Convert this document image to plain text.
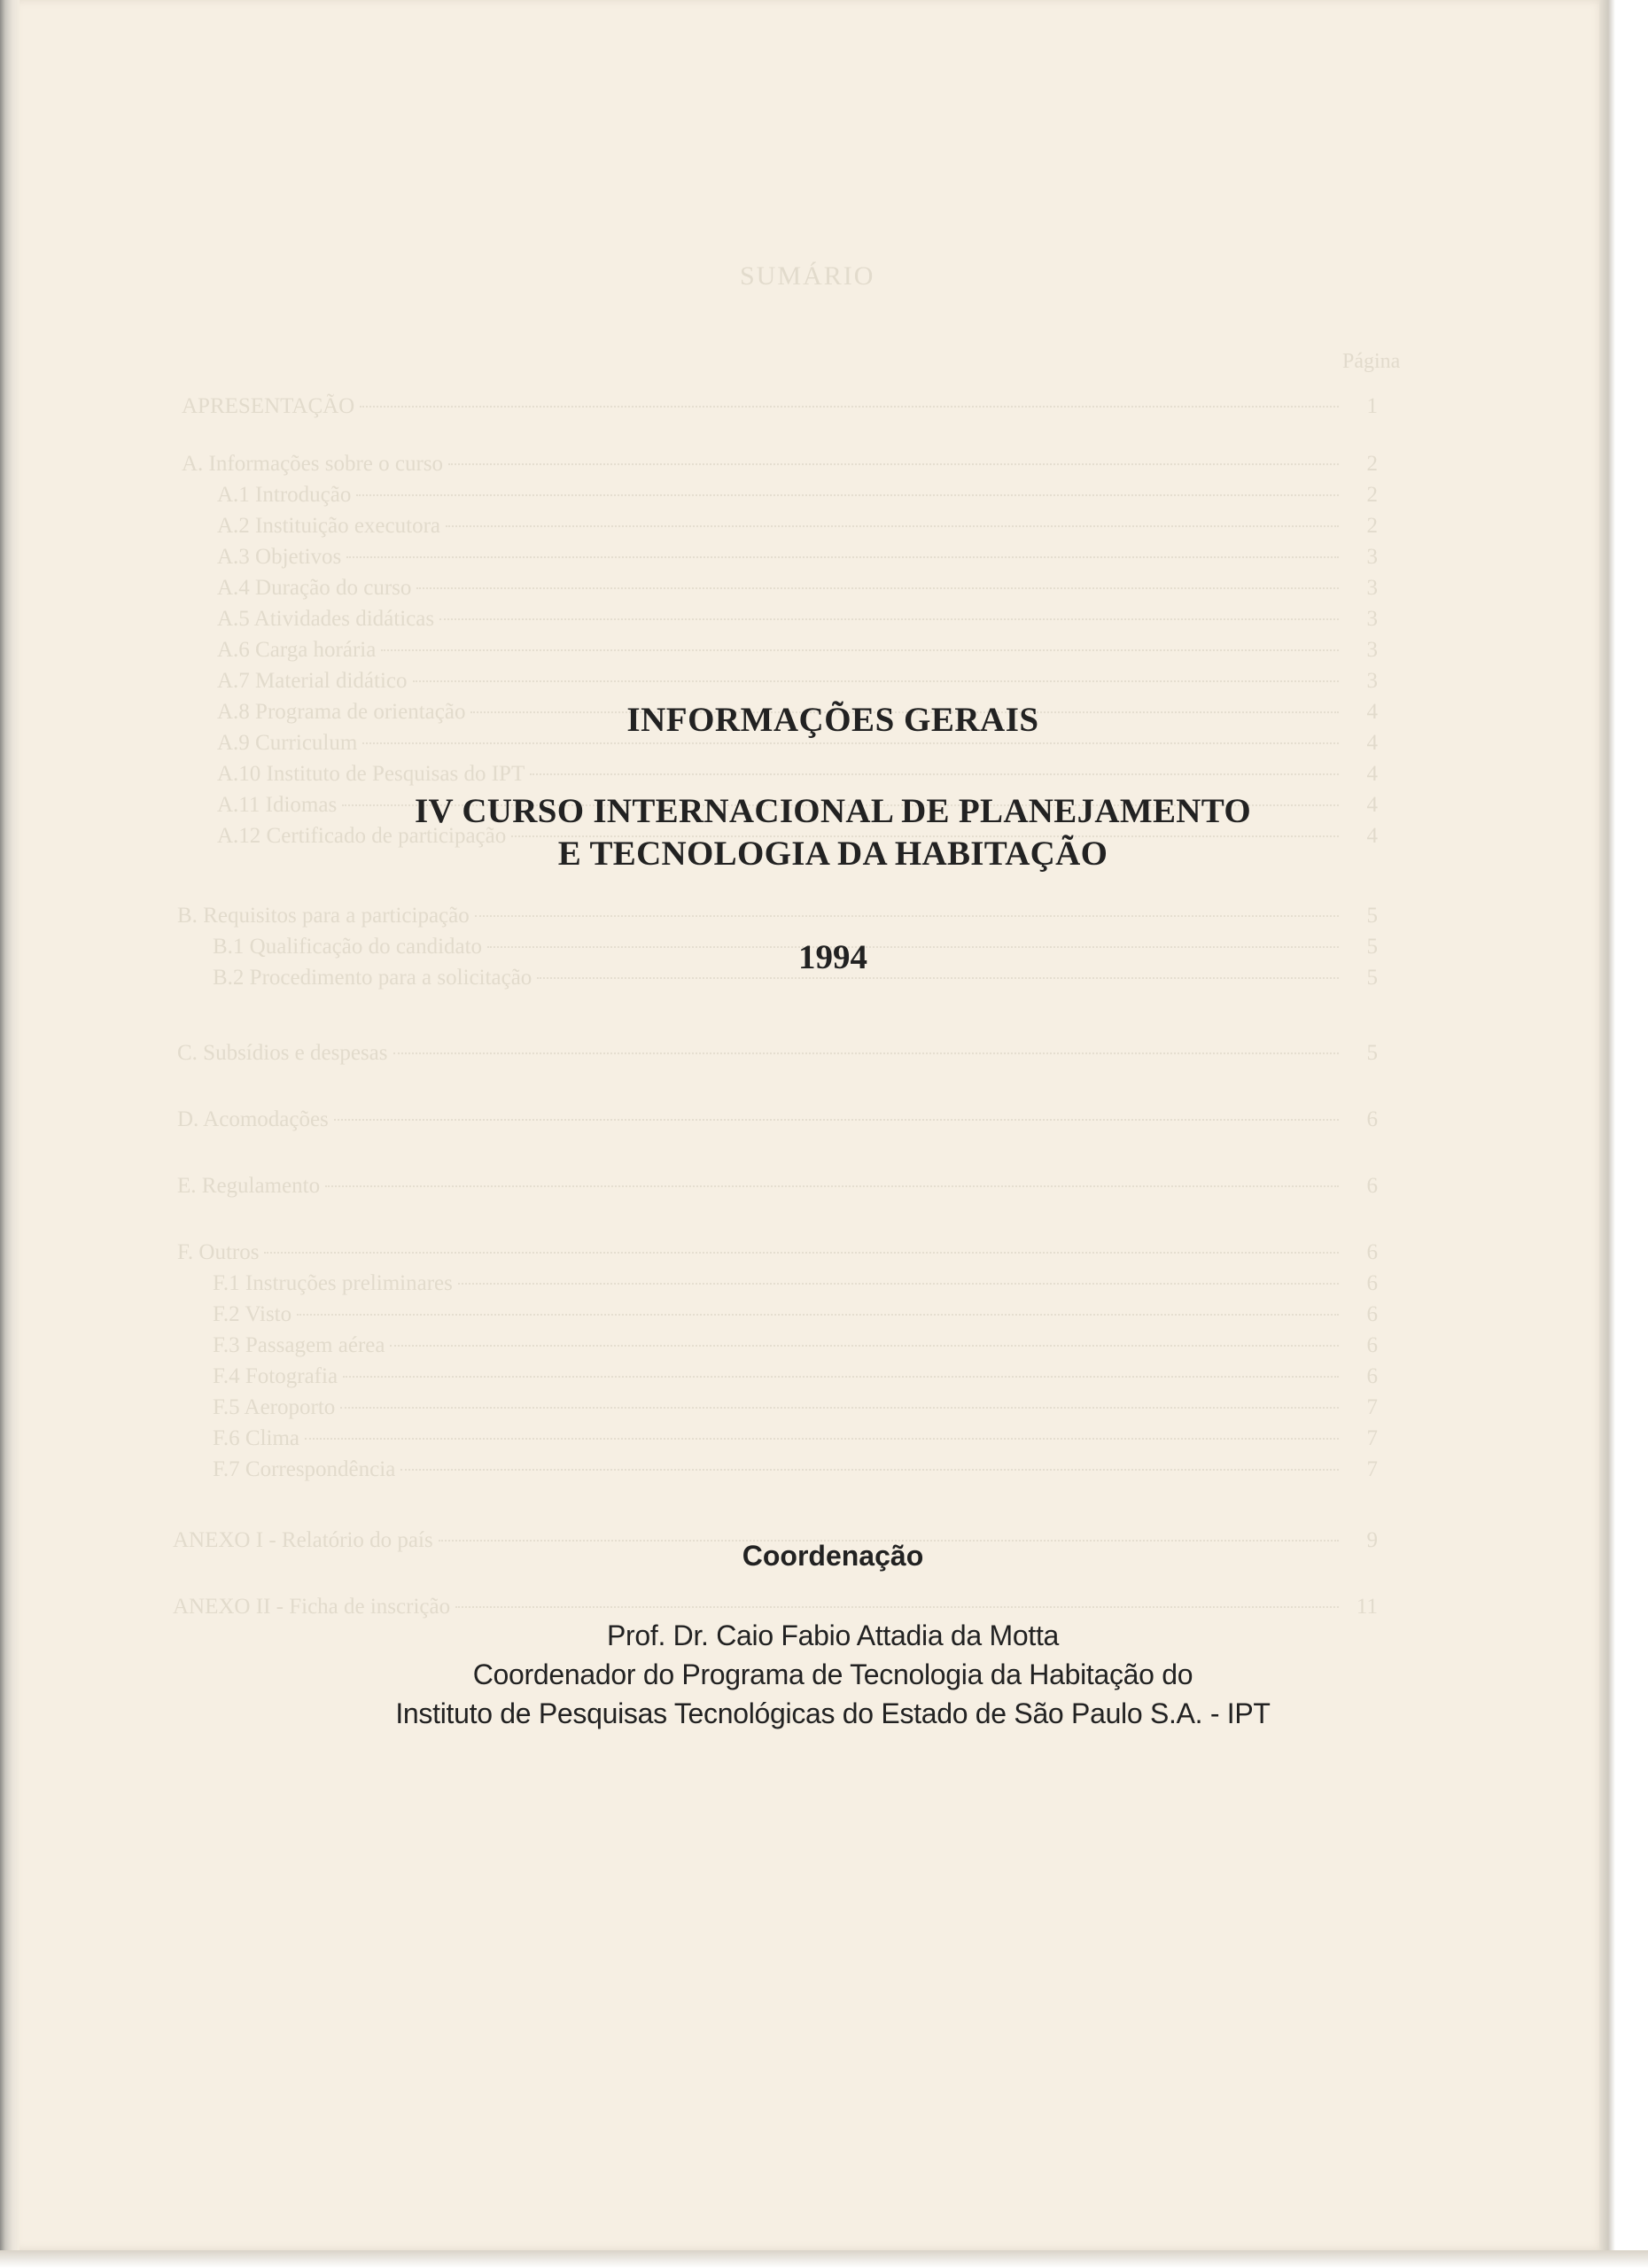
SUMÁRIO
Página
APRESENTAÇÃO	1
A. Informações sobre o curso	2
A.1 Introdução	2
A.2 Instituição executora	2
A.3 Objetivos	3
A.4 Duração do curso	3
A.5 Atividades didáticas	3
A.6 Carga horária	3
A.7 Material didático	3
A.8 Programa de orientação	4
A.9 Curriculum	4
A.10 Instituto de Pesquisas do IPT	4
A.11 Idiomas	4
A.12 Certificado de participação	4
B. Requisitos para a participação	5
B.1 Qualificação do candidato	5
B.2 Procedimento para a solicitação	5
C. Subsídios e despesas	5
D. Acomodações	6
E. Regulamento	6
F. Outros	6
F.1 Instruções preliminares	6
F.2 Visto	6
F.3 Passagem aérea	6
F.4 Fotografia	6
F.5 Aeroporto	7
F.6 Clima	7
F.7 Correspondência	7
ANEXO I - Relatório do país	9
ANEXO II - Ficha de inscrição	11
INFORMAÇÕES GERAIS
IV CURSO INTERNACIONAL DE PLANEJAMENTO
E TECNOLOGIA DA HABITAÇÃO
1994
Coordenação
Prof. Dr. Caio Fabio Attadia da Motta
Coordenador do Programa de Tecnologia da Habitação do
Instituto de Pesquisas Tecnológicas do Estado de São Paulo S.A. - IPT
